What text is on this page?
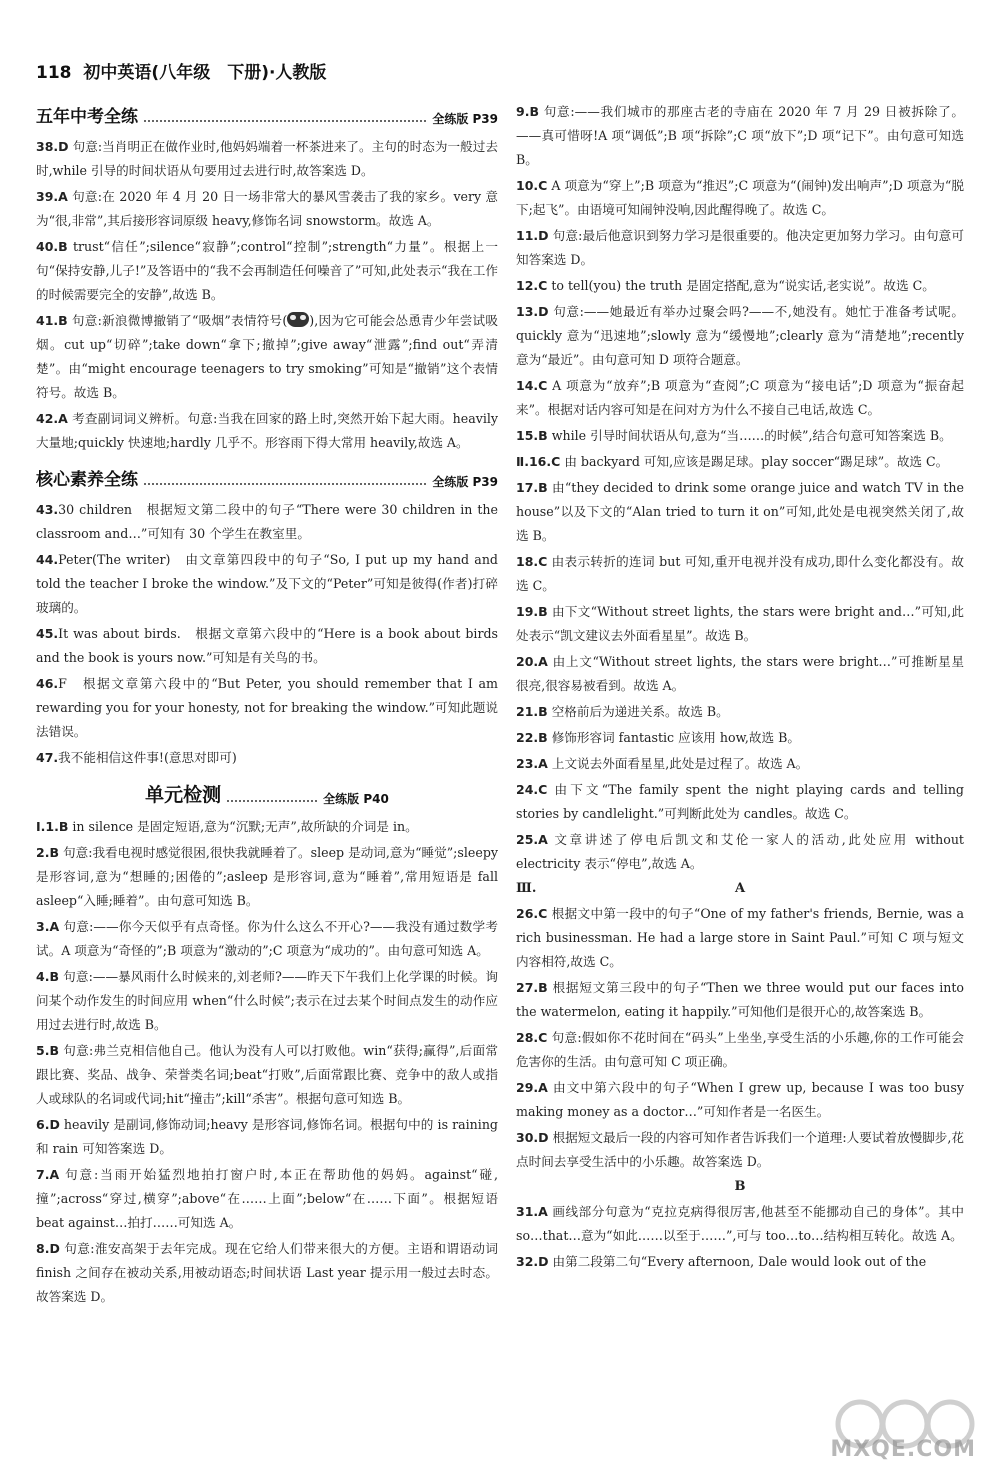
118 初中英语(八年级　下册)·人教版
五年中考全练	全练版 P39

38.D 句意:当肖明正在做作业时,他妈妈端着一杯茶进来了。主句的时态为一般过去时,while 引导的时间状语从句要用过去进行时,故答案选 D。

39.A 句意:在 2020 年 4 月 20 日一场非常大的暴风雪袭击了我的家乡。very 意为“很,非常”,其后接形容词原级 heavy,修饰名词 snowstorm。故选 A。

40.B trust“信任”;silence“寂静”;control“控制”;strength“力量”。根据上一句“保持安静,儿子!”及答语中的“我不会再制造任何噪音了”可知,此处表示“我在工作的时候需要完全的安静”,故选 B。

41.B 句意:新浪微博撤销了“吸烟”表情符号( ),因为它可能会怂恿青少年尝试吸烟。cut up“切碎”;take down“拿下;撤掉”;give away“泄露”;find out“弄清楚”。由“might encourage teenagers to try smoking”可知是“撤销”这个表情符号。故选 B。

42.A 考查副词词义辨析。句意:当我在回家的路上时,突然开始下起大雨。heavily 大量地;quickly 快速地;hardly 几乎不。形容雨下得大常用 heavily,故选 A。

核心素养全练	全练版 P39

43.30 children　根据短文第二段中的句子“There were 30 children in the classroom and…”可知有 30 个学生在教室里。

44.Peter(The writer)　由文章第四段中的句子“So, I put up my hand and told the teacher I broke the window.”及下文的“Peter”可知是彼得(作者)打碎玻璃的。

45.It was about birds.　根据文章第六段中的“Here is a book about birds and the book is yours now.”可知是有关鸟的书。

46.F　根据文章第六段中的“But Peter, you should remember that I am rewarding you for your honesty, not for breaking the window.”可知此题说法错误。

47.我不能相信这件事!(意思对即可)

单元检测	全练版 P40

Ⅰ.1.B in silence 是固定短语,意为“沉默;无声”,故所缺的介词是 in。

2.B 句意:我看电视时感觉很困,很快我就睡着了。sleep 是动词,意为“睡觉”;sleepy 是形容词,意为“想睡的;困倦的”;asleep 是形容词,意为“睡着”,常用短语是 fall asleep“入睡;睡着”。由句意可知选 B。

3.A 句意:——你今天似乎有点奇怪。你为什么这么不开心?——我没有通过数学考试。A 项意为“奇怪的”;B 项意为“激动的”;C 项意为“成功的”。由句意可知选 A。

4.B 句意:——暴风雨什么时候来的,刘老师?——昨天下午我们上化学课的时候。询问某个动作发生的时间应用 when“什么时候”;表示在过去某个时间点发生的动作应用过去进行时,故选 B。

5.B 句意:弗兰克相信他自己。他认为没有人可以打败他。win“获得;赢得”,后面常跟比赛、奖品、战争、荣誉类名词;beat“打败”,后面常跟比赛、竞争中的敌人或指人或球队的名词或代词;hit“撞击”;kill“杀害”。根据句意可知选 B。

6.D heavily 是副词,修饰动词;heavy 是形容词,修饰名词。根据句中的 is raining 和 rain 可知答案选 D。

7.A 句意:当雨开始猛烈地拍打窗户时,本正在帮助他的妈妈。against“碰,撞”;across“穿过,横穿”;above“在……上面”;below“在……下面”。根据短语 beat against…拍打……可知选 A。

8.D 句意:淮安高架于去年完成。现在它给人们带来很大的方便。主语和谓语动词 finish 之间存在被动关系,用被动语态;时间状语 Last year 提示用一般过去时态。故答案选 D。

9.B 句意:——我们城市的那座古老的寺庙在 2020 年 7 月 29 日被拆除了。——真可惜呀!A 项“调低”;B 项“拆除”;C 项“放下”;D 项“记下”。由句意可知选 B。

10.C A 项意为“穿上”;B 项意为“推迟”;C 项意为“(闹钟)发出响声”;D 项意为“脱下;起飞”。由语境可知闹钟没响,因此醒得晚了。故选 C。

11.D 句意:最后他意识到努力学习是很重要的。他决定更加努力学习。由句意可知答案选 D。

12.C to tell(you) the truth 是固定搭配,意为“说实话,老实说”。故选 C。

13.D 句意:——她最近有举办过聚会吗?——不,她没有。她忙于准备考试呢。quickly 意为“迅速地”;slowly 意为“缓慢地”;clearly 意为“清楚地”;recently 意为“最近”。由句意可知 D 项符合题意。

14.C A 项意为“放弃”;B 项意为“查阅”;C 项意为“接电话”;D 项意为“振奋起来”。根据对话内容可知是在问对方为什么不接自己电话,故选 C。

15.B while 引导时间状语从句,意为“当……的时候”,结合句意可知答案选 B。

Ⅱ.16.C 由 backyard 可知,应该是踢足球。play soccer“踢足球”。故选 C。

17.B 由“they decided to drink some orange juice and watch TV in the house”以及下文的“Alan tried to turn it on”可知,此处是电视突然关闭了,故选 B。

18.C 由表示转折的连词 but 可知,重开电视并没有成功,即什么变化都没有。故选 C。

19.B 由下文“Without street lights, the stars were bright and…”可知,此处表示“凯文建议去外面看星星”。故选 B。

20.A 由上文“Without street lights, the stars were bright…”可推断星星很亮,很容易被看到。故选 A。

21.B 空格前后为递进关系。故选 B。

22.B 修饰形容词 fantastic 应该用 how,故选 B。

23.A 上文说去外面看星星,此处是过程了。故选 A。

24.C 由下文“The family spent the night playing cards and telling stories by candlelight.”可判断此处为 candles。故选 C。

25.A 文章讲述了停电后凯文和艾伦一家人的活动,此处应用 without electricity 表示“停电”,故选 A。

Ⅲ.	A

26.C 根据文中第一段中的句子“One of my father's friends, Bernie, was a rich businessman. He had a large store in Saint Paul.”可知 C 项与短文内容相符,故选 C。

27.B 根据短文第三段中的句子“Then we three would put our faces into the watermelon, eating it happily.”可知他们是很开心的,故答案选 B。

28.C 句意:假如你不花时间在“码头”上坐坐,享受生活的小乐趣,你的工作可能会危害你的生活。由句意可知 C 项正确。

29.A 由文中第六段中的句子“When I grew up, because I was too busy making money as a doctor…”可知作者是一名医生。

30.D 根据短文最后一段的内容可知作者告诉我们一个道理:人要试着放慢脚步,花点时间去享受生活中的小乐趣。故答案选 D。

B

31.A 画线部分句意为“克拉克病得很厉害,他甚至不能挪动自己的身体”。其中 so…that…意为“如此……以至于……”,可与 too…to…结构相互转化。故选 A。

32.D 由第二段第二句“Every afternoon, Dale would look out of the

MXQE.COM
